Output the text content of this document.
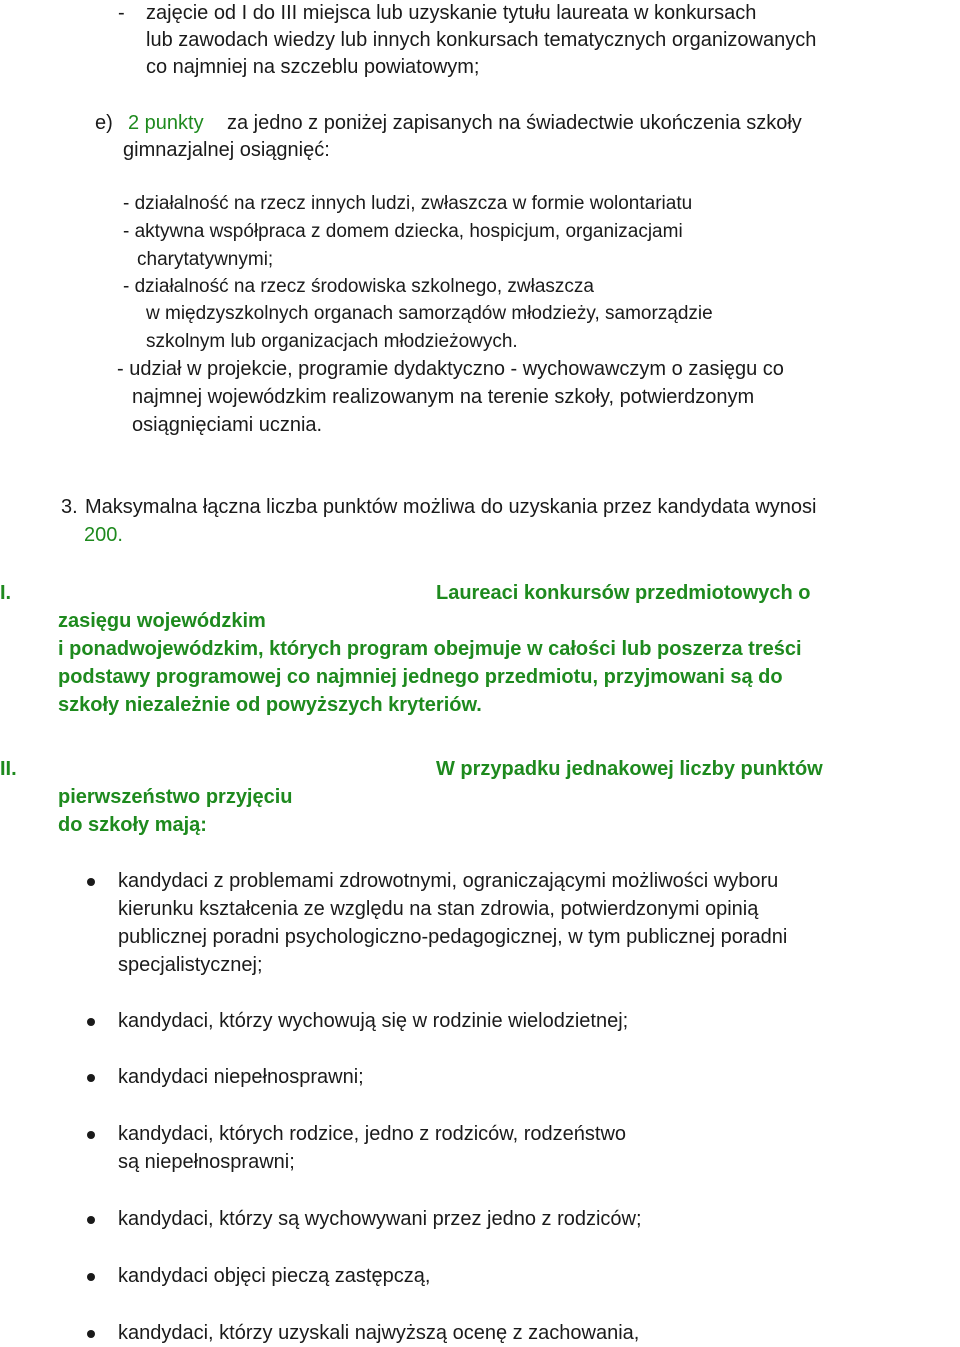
- zajęcie od I do III miejsca lub uzyskanie tytułu laureata w konkursach
lub zawodach wiedzy lub innych konkursach tematycznych organizowanych
co najmniej na szczeblu powiatowym;
e) 2 punkty za jedno z poniżej zapisanych na świadectwie ukończenia szkoły
gimnazjalnej osiągnięć:
- działalność na rzecz innych ludzi, zwłaszcza w formie wolontariatu
- aktywna współpraca z domem dziecka, hospicjum, organizacjami
charytatywnymi;
- działalność na rzecz środowiska szkolnego, zwłaszcza
w międzyszkolnych organach samorządów młodzieży, samorządzie
szkolnym lub organizacjach młodzieżowych.
- udział w projekcie, programie dydaktyczno - wychowawczym o zasięgu co
najmnej wojewódzkim realizowanym na terenie szkoły, potwierdzonym
osiągnięciami ucznia.
3. Maksymalna łączna liczba punktów możliwa do uzyskania przez kandydata wynosi
200.
I.	Laureaci konkursów przedmiotowych o
zasięgu wojewódzkim
i ponadwojewódzkim, których program obejmuje w całości lub poszerza treści
podstawy programowej co najmniej jednego przedmiotu, przyjmowani są do
szkoły niezależnie od powyższych kryteriów.
II.	W przypadku jednakowej liczby punktów
pierwszeństwo przyjęciu
do szkoły mają:
kandydaci z problemami zdrowotnymi, ograniczającymi możliwości wyboru
kierunku kształcenia ze względu na stan zdrowia, potwierdzonymi opinią
publicznej poradni psychologiczno-pedagogicznej, w tym publicznej poradni
specjalistycznej;
kandydaci, którzy wychowują się w rodzinie wielodzietnej;
kandydaci niepełnosprawni;
kandydaci, których rodzice, jedno z rodziców, rodzeństwo
są niepełnosprawni;
kandydaci, którzy są wychowywani przez jedno z rodziców;
kandydaci objęci pieczą zastępczą,
kandydaci, którzy uzyskali najwyższą ocenę z zachowania,
